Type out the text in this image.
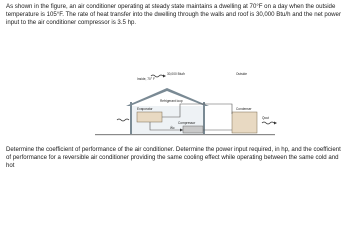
As shown in the figure, an air conditioner operating at steady state maintains a dwelling at 70°F on a day when the outside temperature is 105°F. The rate of heat transfer into the dwelling through the walls and roof is 30,000 Btu/h and the net power input to the air conditioner compressor is 3.5 hp.
Inside, 70° F
30,000 Btu/h	Outside
Refrigerant loop
Evaporator	Condenser
Compressor
Ẇc
Q̇out
Determine the coefficient of performance of the air conditioner. Determine the power input required, in hp, and the coefficient of performance for a reversible air conditioner providing the same cooling effect while operating between the same cold and hot
